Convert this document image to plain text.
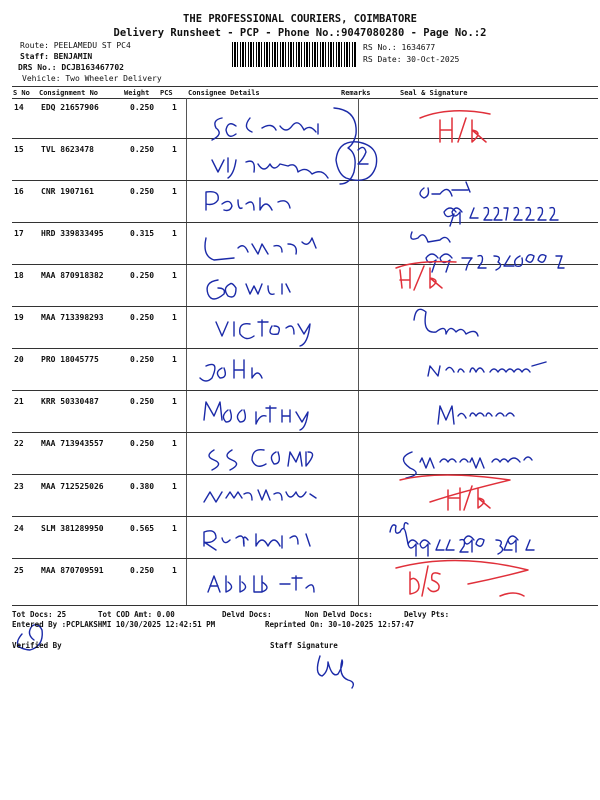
THE PROFESSIONAL COURIERS, COIMBATORE
Delivery Runsheet - PCP - Phone No.:9047080280 - Page No.:2
Route: PEELAMEDU ST PC4
Staff: BENJAMIN
DRS No.: DCJB163467702
Vehicle: Two Wheeler Delivery
RS No.: 1634677
RS Date: 30-Oct-2025
S No Consignment No	Weight PCS Consignee Details	Remarks	Seal & Signature
14 EDQ 21657906	0.250 1
15 TVL 8623478	0.250 1
16 CNR 1907161	0.250 1
17 HRD 339833495	0.315 1
18 MAA 870918382	0.250 1
19 MAA 713398293	0.250 1
20 PRO 18045775	0.250 1
21 KRR 50330487	0.250 1
22 MAA 713943557	0.250 1
23 MAA 712525026	0.380 1
24 SLM 381289950	0.565 1
25 MAA 870709591	0.250 1
Tot Docs: 25	Tot COD Amt: 0.00	Delvd Docs:	Non Delvd Docs:	Delvy Pts:
Entered By :PCPLAKSHMI 10/30/2025 12:42:51 PM	Reprinted On: 30-10-2025 12:57:47
Verified By	Staff Signature
